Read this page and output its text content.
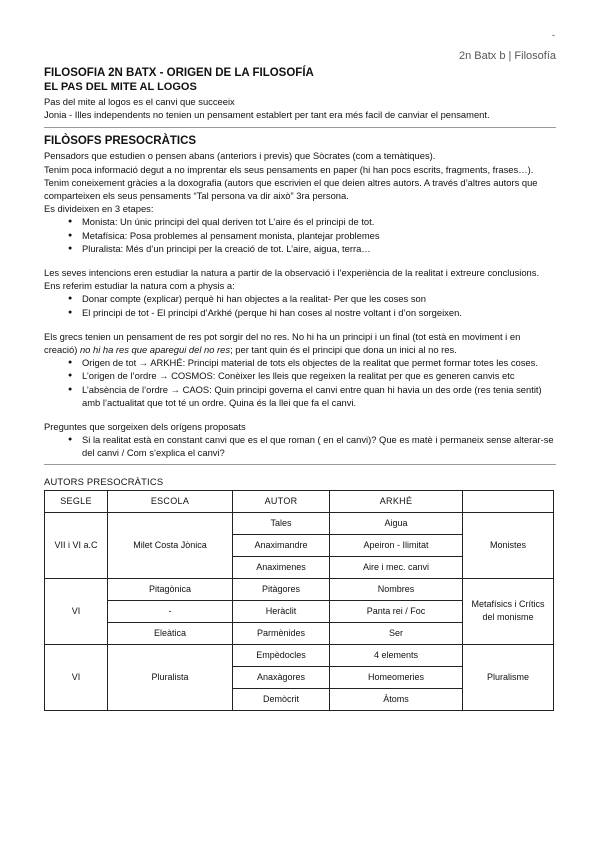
-
2n Batx b | Filosofía
FILOSOFIA 2N BATX - ORIGEN DE LA FILOSOFÍA
EL PAS DEL MITE AL LOGOS

Pas del mite al logos es el canvi que succeeix

Jonia - Illes independents no tenien un pensament establert per tant era més facil de canviar el pensament.

FILÒSOFS PRESOCRÀTICS

Pensadors que estudien o pensen abans (anteriors i previs) que Sòcrates (com a temàtiques).

Tenim poca informació degut a no imprentar els seus pensaments en paper (hi han pocs escrits, fragments, frases…). Tenim coneixement gràcies a la doxografia (autors que escrivien el que deien altres autors. A través d’altres autors que comparteixen els seus pensaments “Tal persona va dir això” 3ra persona.

Es divideixen en 3 etapes:

● Monista: Un únic principi del qual deriven tot L’aire és el principi de tot.
● Metafísica: Posa problemes al pensament monista, plantejar problemes
● Pluralista: Més d’un principi per la creació de tot. L’aire, aigua, terra…

Les seves intencions eren estudiar la natura a partir de la observació i l’experiència de la realitat i extreure conclusions. Ens referim estudiar la natura com a physis a:

● Donar compte (explicar) perquè hi han objectes a la realitat- Per que les coses son
● El principi de tot - El principi d’Arkhé (perque hi han coses al nostre voltant i d’on sorgeixen.

Els grecs tenien un pensament de res pot sorgir del no res. No hi ha un principi i un final (tot està en moviment i en creació) no hi ha res que aparegui del no res; per tant quin és el principi que dona un inici al no res.

● Origen de tot → ARKHÉ: Principi material de tots els objectes de la realitat que permet formar totes les coses.
● L’origen de l’ordre → COSMOS: Conèixer les lleis que regeixen la realitat per que es generen canvis etc
● L’absència de l’ordre → CAOS: Quin principi governa el canvi entre quan hi havia un des orde (res tenia sentit) amb l’actualitat que tot té un ordre. Quina és la llei que fa el canvi.

Preguntes que sorgeixen dels orígens proposats

● Si la realitat està en constant canvi que es el que roman ( en el canvi)? Que es matè i permaneix sense alterar-se del canvi / Com s’explica el canvi?
AUTORS PRESOCRÀTICS
SEGLE	ESCOLA	AUTOR	ARKHÉ	
VII i VI a.C	Milet Costa Jònica	Tales	Aigua	Monistes
		Anaximandre	Apeiron - Ilimitat	
		Anaximenes	Aire i mec. canvi	
VI	Pitagònica	Pitàgores	Nombres	Metafísics i Crítics del monisme
	-	Heràclit	Panta rei / Foc	
	Eleàtica	Parmènides	Ser	
VI	Pluralista	Empèdocles	4 elements	Pluralisme
		Anaxàgores	Homeomeries	
		Demòcrit	Àtoms	
